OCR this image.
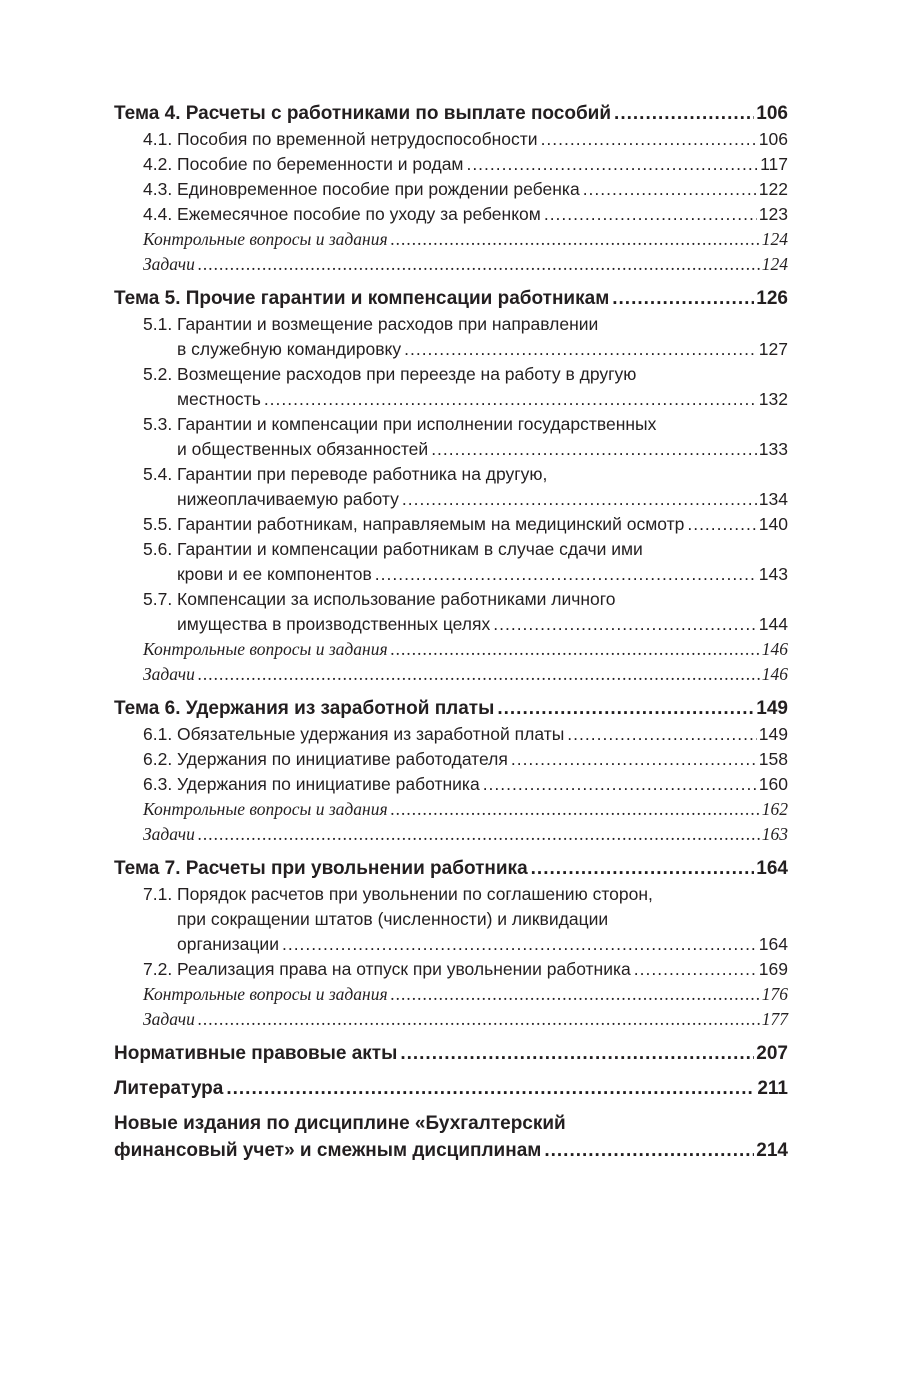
Тема 4. Расчеты с работниками по выплате пособий .....	106
4.1. Пособия по временной нетрудоспособности .....	106
4.2. Пособие по беременности и родам .....	117
4.3. Единовременное пособие при рождении ребенка .....	122
4.4. Ежемесячное пособие по уходу за ребенком .....	123
Контрольные вопросы и задания .....	124
Задачи .....	124
Тема 5. Прочие гарантии и компенсации работникам .....	126
5.1. Гарантии и возмещение расходов при направлении
в служебную командировку .....	127
5.2. Возмещение расходов при переезде на работу в другую
местность .....	132
5.3. Гарантии и компенсации при исполнении государственных
и общественных обязанностей .....	133
5.4. Гарантии при переводе работника на другую,
нижеоплачиваемую работу .....	134
5.5. Гарантии работникам, направляемым на медицинский осмотр .....	140
5.6. Гарантии и компенсации работникам в случае сдачи ими
крови и ее компонентов .....	143
5.7. Компенсации за использование работниками личного
имущества в производственных целях .....	144
Контрольные вопросы и задания .....	146
Задачи .....	146
Тема 6. Удержания из заработной платы .....	149
6.1. Обязательные удержания из заработной платы .....	149
6.2. Удержания по инициативе работодателя .....	158
6.3. Удержания по инициативе работника .....	160
Контрольные вопросы и задания .....	162
Задачи .....	163
Тема 7. Расчеты при увольнении работника .....	164
7.1. Порядок расчетов при увольнении по соглашению сторон,
при сокращении штатов (численности) и ликвидации
организации .....	164
7.2. Реализация права на отпуск при увольнении работника .....	169
Контрольные вопросы и задания .....	176
Задачи .....	177
Нормативные правовые акты .....	207
Литература .....	211
Новые издания по дисциплине «Бухгалтерский
финансовый учет» и смежным дисциплинам .....	214
